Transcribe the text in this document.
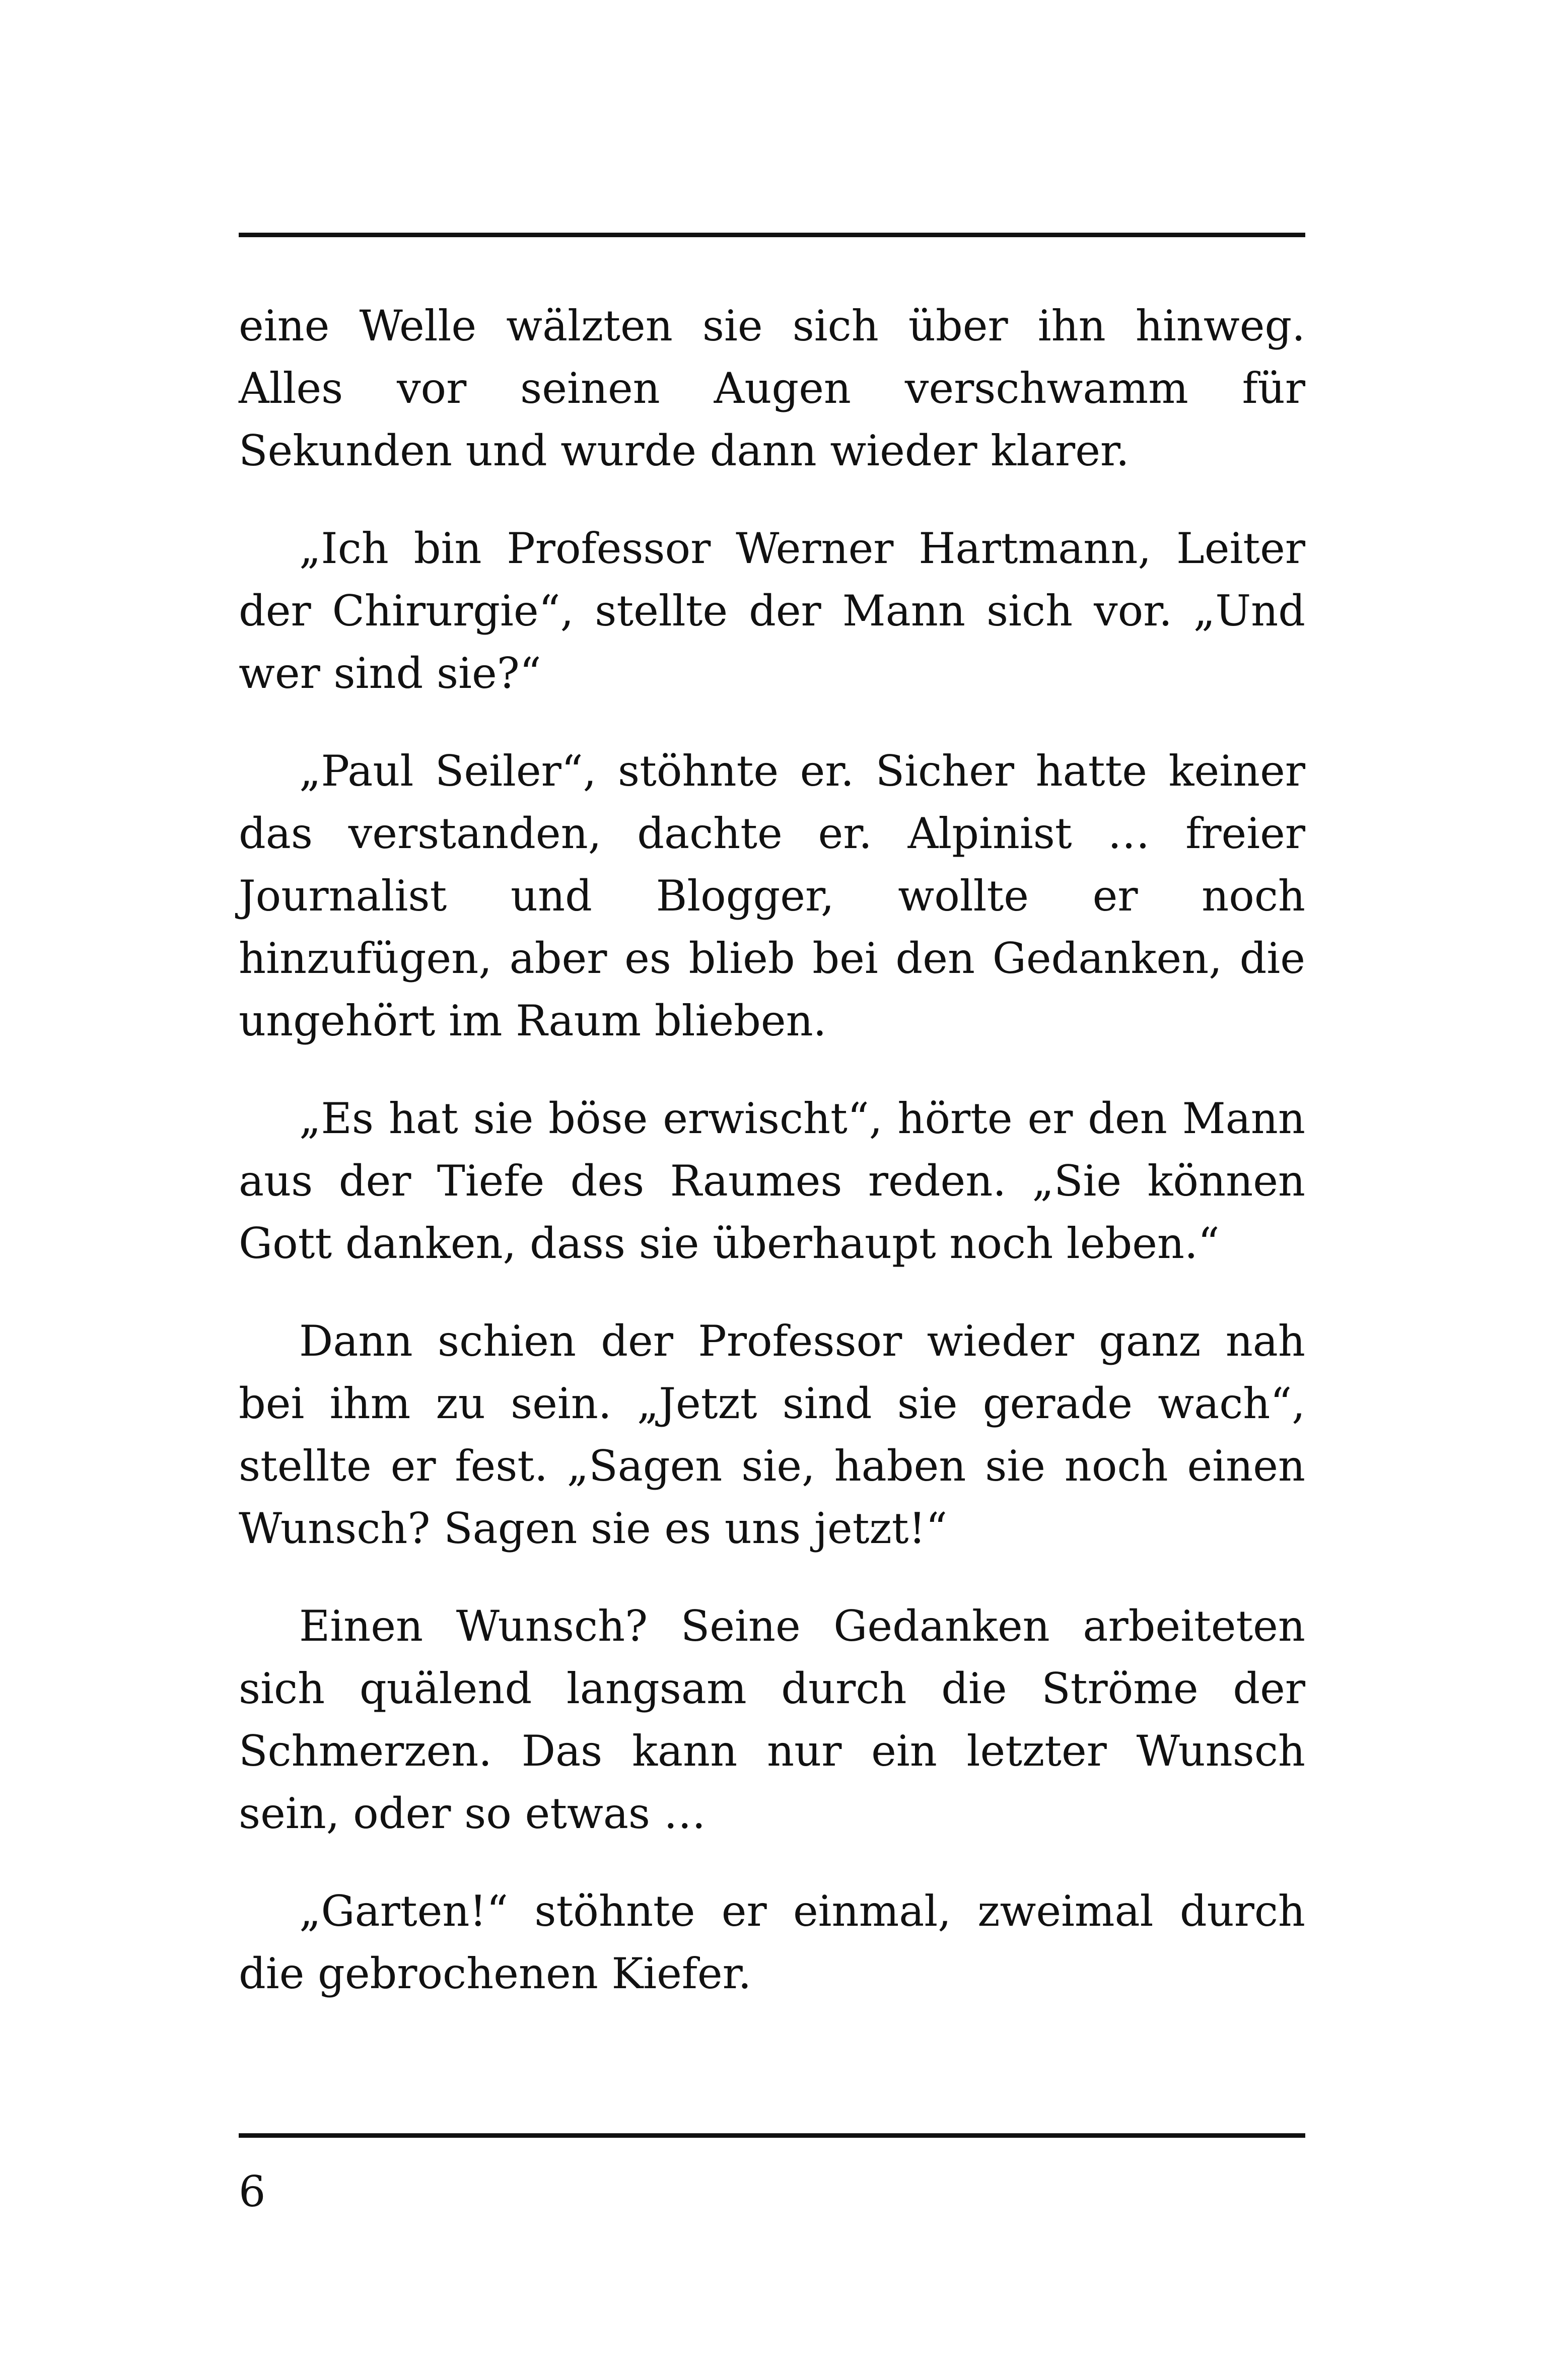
eine Welle wälzten sie sich über ihn hinweg. Alles vor seinen Augen verschwamm für Sekunden und wurde dann wieder klarer.

„Ich bin Professor Werner Hartmann, Leiter der Chirurgie“, stellte der Mann sich vor. „Und wer sind sie?“

„Paul Seiler“, stöhnte er. Sicher hatte keiner das verstanden, dachte er. Alpinist … freier Journalist und Blogger, wollte er noch hinzufügen, aber es blieb bei den Gedanken, die ungehört im Raum blieben.

„Es hat sie böse erwischt“, hörte er den Mann aus der Tiefe des Raumes reden. „Sie können Gott danken, dass sie überhaupt noch leben.“

Dann schien der Professor wieder ganz nah bei ihm zu sein. „Jetzt sind sie gerade wach“, stellte er fest. „Sagen sie, haben sie noch einen Wunsch? Sagen sie es uns jetzt!“

Einen Wunsch? Seine Gedanken arbeiteten sich quälend langsam durch die Ströme der Schmerzen. Das kann nur ein letzter Wunsch sein, oder so etwas …

„Garten!“ stöhnte er einmal, zweimal durch die gebrochenen Kiefer.

6
